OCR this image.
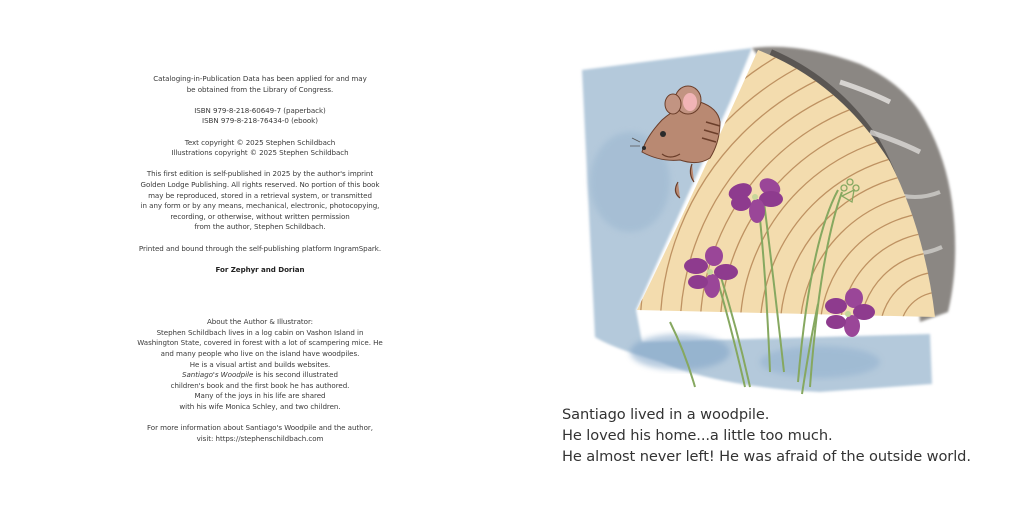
Cataloging-in-Publication Data has been applied for and may
be obtained from the Library of Congress.
ISBN 979-8-218-60649-7 (paperback)
ISBN 979-8-218-76434-0 (ebook)
Text copyright © 2025 Stephen Schildbach
Illustrations copyright © 2025 Stephen Schildbach
This first edition is self-published in 2025 by the author's imprint
Golden Lodge Publishing. All rights reserved. No portion of this book
may be reproduced, stored in a retrieval system, or transmitted
in any form or by any means, mechanical, electronic, photocopying,
recording, or otherwise, without written permission
from the author, Stephen Schildbach.
Printed and bound through the self-publishing platform IngramSpark.
For Zephyr and Dorian
About the Author & Illustrator:
Stephen Schildbach lives in a log cabin on Vashon Island in
Washington State, covered in forest with a lot of scampering mice. He
and many people who live on the island have woodpiles.
He is a visual artist and builds websites.
Santiago's Woodpile is his second illustrated
children's book and the first book he has authored.
Many of the joys in his life are shared
with his wife Monica Schley, and two children.
For more information about Santiago's Woodpile and the author,
visit: https://stephenschildbach.com
Santiago lived in a woodpile.
He loved his home...a little too much.
He almost never left! He was afraid of the outside world.
